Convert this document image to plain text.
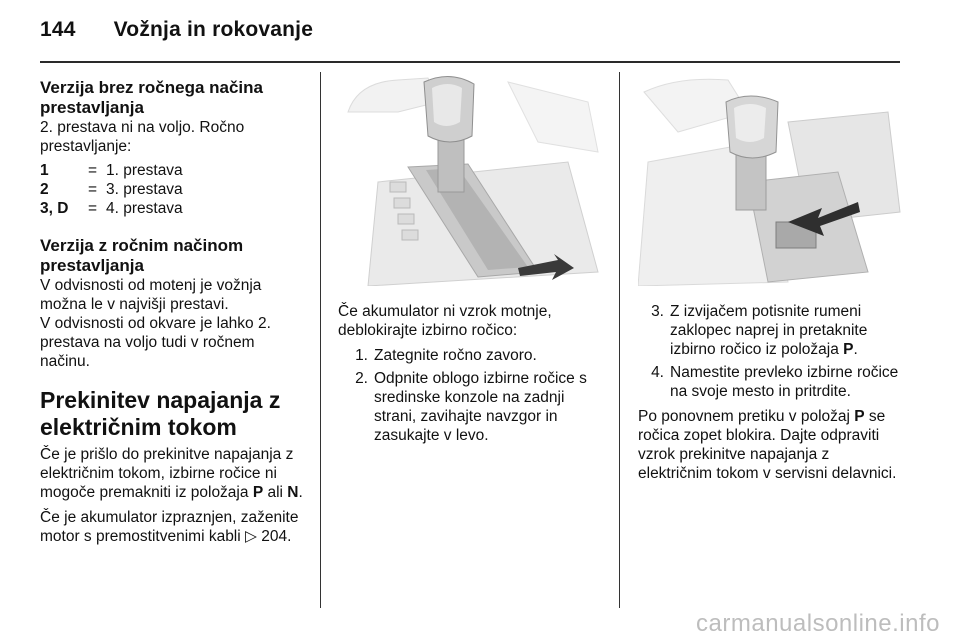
144 Vožnja in rokovanje
Verzija brez ročnega načina prestavljanja

2. prestava ni na voljo. Ročno prestavljanje:

1	= 1. prestava
2	= 3. prestava
3, D	= 4. prestava
Verzija z ročnim načinom prestavljanja

V odvisnosti od motenj je vožnja možna le v najvišji prestavi.

V odvisnosti od okvare je lahko 2. prestava na voljo tudi v ročnem načinu.

Prekinitev napajanja z električnim tokom

Če je prišlo do prekinitve napajanja z električnim tokom, izbirne ročice ni mogoče premakniti iz položaja P ali N.

Če je akumulator izpraznjen, zaženite motor s premostitvenimi kabli ▷ 204.

Če akumulator ni vzrok motnje, deblokirajte izbirno ročico:

1. Zategnite ročno zavoro.
2. Odpnite oblogo izbirne ročice s sredinske konzole na zadnji strani, zavihajte navzgor in zasukajte v levo.
3. Z izvijačem potisnite rumeni zaklopec naprej in pretaknite izbirno ročico iz položaja P.
4. Namestite prevleko izbirne ročice na svoje mesto in pritrdite.

Po ponovnem pretiku v položaj P se ročica zopet blokira. Dajte odpraviti vzrok prekinitve napajanja z električnim tokom v servisni delavnici.

carmanualsonline.info
